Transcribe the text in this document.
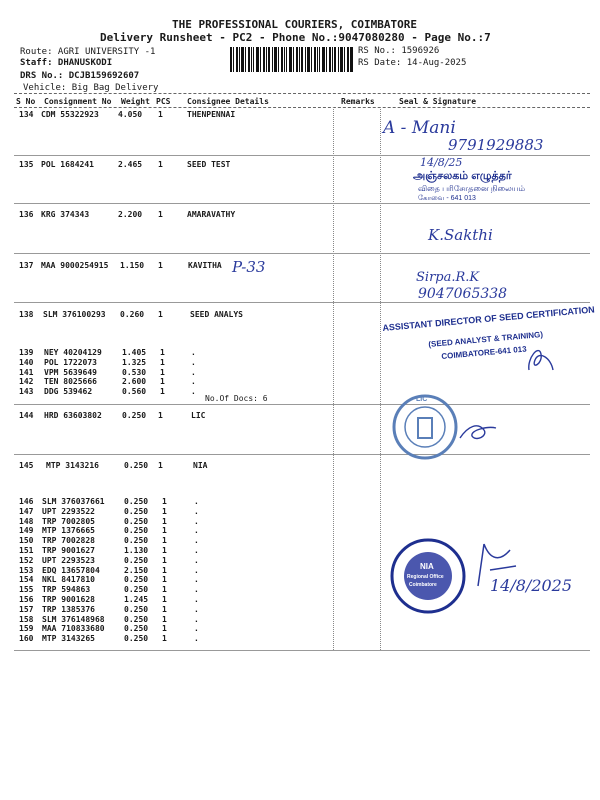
THE PROFESSIONAL COURIERS, COIMBATORE
Delivery Runsheet - PC2 - Phone No.:9047080280 - Page No.:7
Route: AGRI UNIVERSITY -1
Staff: DHANUSKODI
DRS No.: DCJB159692607
Vehicle: Big Bag Delivery
RS No.: 1596926
RS Date: 14-Aug-2025
S No Consignment No Weight PCS Consignee Details	Remarks	Seal & Signature
134 CDM 55322923 4.050 1	THENPENNAI
135 POL 1684241	2.465 1	SEED TEST
136 KRG 374343	2.200 1	AMARAVATHY
137 MAA 9000254915 1.150 1	KAVITHA
138 SLM 376100293 0.260 1	SEED ANALYS
139 NEY 40204129	1.405 1	.
140 POL 1722073	1.325 1	.
141 VPM 5639649	0.530 1	.
142 TEN 8025666	2.600 1	.
143 DDG 539462	0.560 1	.
No.Of Docs: 6
144 HRD 63603802	0.250 1	LIC
145 MTP 3143216	0.250 1	NIA
146 SLM 376037661 0.250 1	.
147 UPT 2293522	0.250 1	.
148 TRP 7002805	0.250 1	.
149 MTP 1376665	0.250 1	.
150 TRP 7002828	0.250 1	.
151 TRP 9001627	1.130 1	.
152 UPT 2293523	0.250 1	.
153 EDQ 13657804	2.150 1	.
154 NKL 8417810	0.250 1	.
155 TRP 594863	0.250 1	.
156 TRP 9001628	1.245 1	.
157 TRP 1385376	0.250 1	.
158 SLM 376148968 0.250 1	.
159 MAA 710833680 0.250 1	.
160 MTP 3143265	0.250 1	.
A - Mani
9791929883
14/8/25
அஞ்சலகம் எழுத்தர்
விதை பரிசோதனை நிலையம்
கோவை - 641 013
K.Sakthi
P-33
Sirpa.R.K
9047065338
ASSISTANT DIRECTOR OF SEED CERTIFICATION
(SEED ANALYST & TRAINING)
COIMBATORE-641 013
LIC
NIA
Regional Office
Coimbatore	14/8/2025
